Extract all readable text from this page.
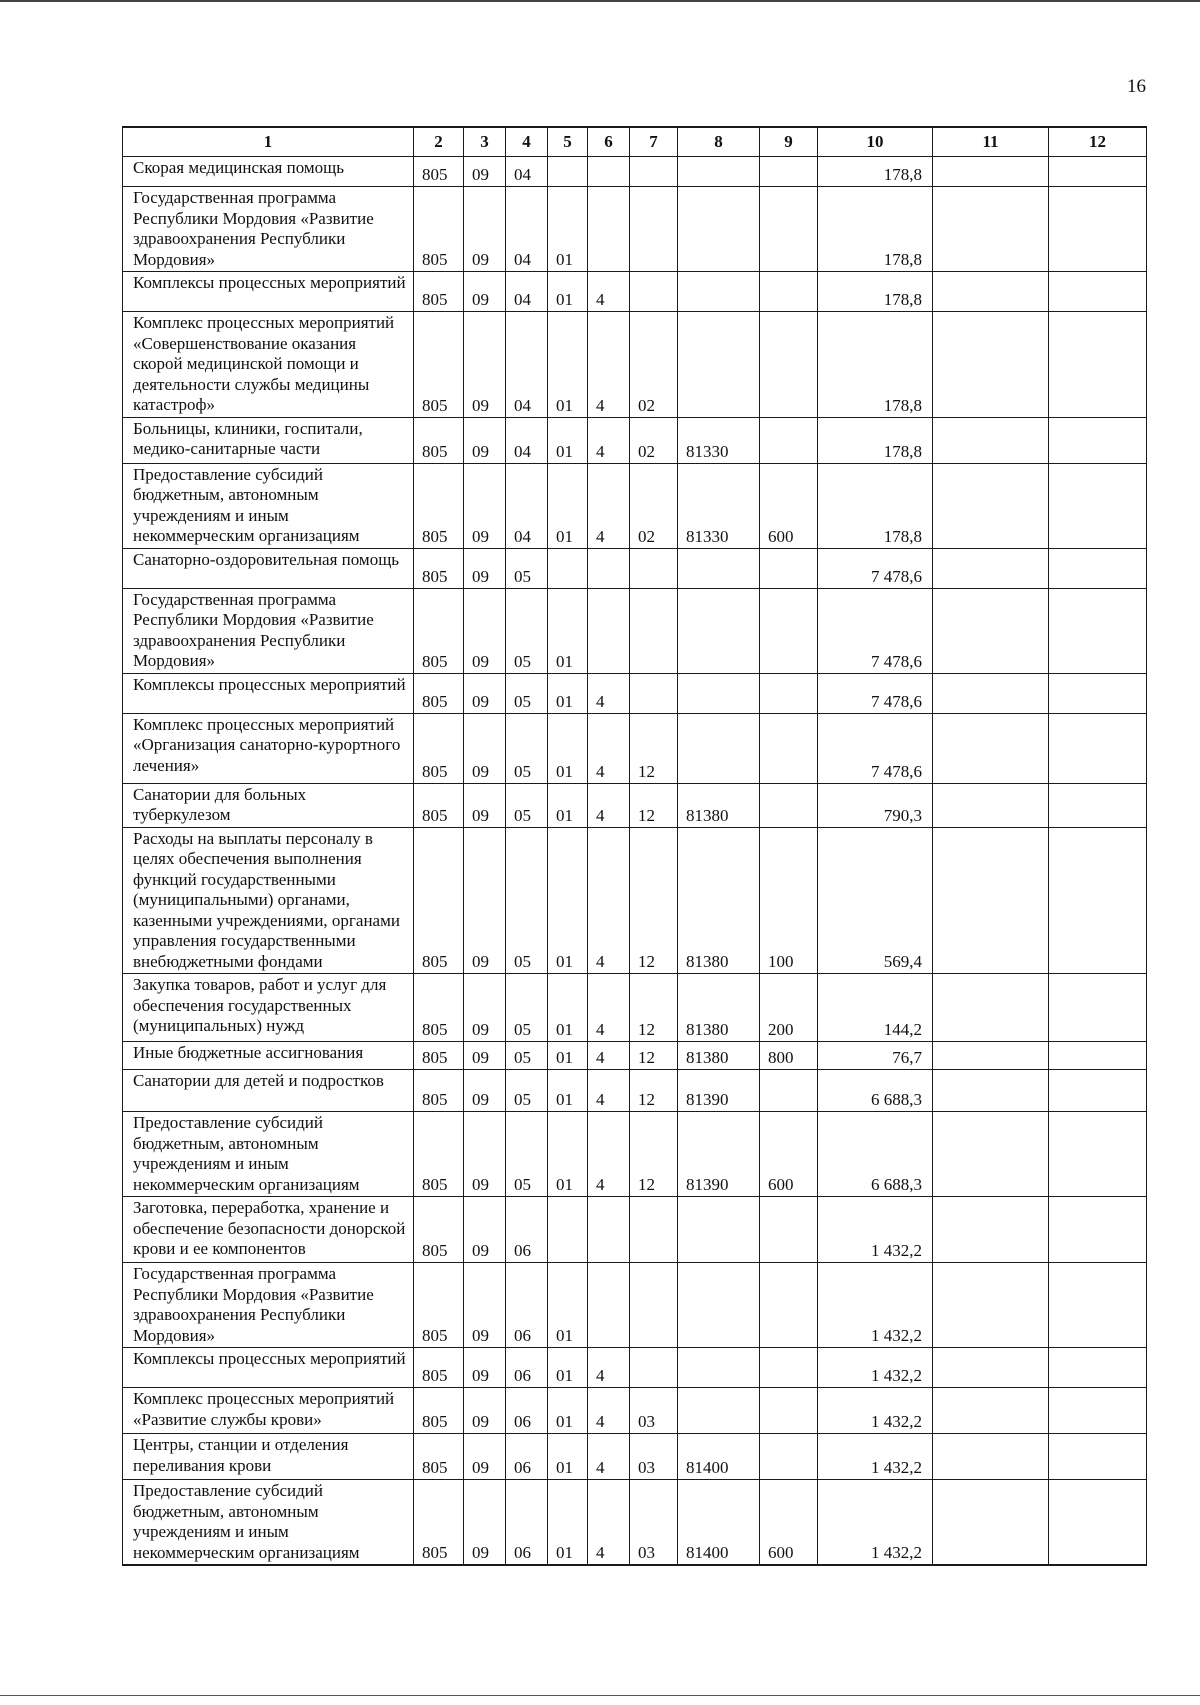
16
1	2	3	4	5	6	7	8	9	10	11	12
Скорая медицинская помощь	805	09	04						178,8		
Государственная программа Республики Мордовия «Развитие здравоохранения Республики Мордовия»	805	09	04	01					178,8		
Комплексы процессных мероприятий	805	09	04	01	4				178,8		
Комплекс процессных мероприятий «Совершенствование оказания скорой медицинской помощи и деятельности службы медицины катастроф»	805	09	04	01	4	02			178,8		
Больницы, клиники, госпитали, медико-санитарные части	805	09	04	01	4	02	81330		178,8		
Предоставление субсидий бюджетным, автономным учреждениям и иным некоммерческим организациям	805	09	04	01	4	02	81330	600	178,8		
Санаторно-оздоровительная помощь	805	09	05						7 478,6		
Государственная программа Республики Мордовия «Развитие здравоохранения Республики Мордовия»	805	09	05	01					7 478,6		
Комплексы процессных мероприятий	805	09	05	01	4				7 478,6		
Комплекс процессных мероприятий «Организация санаторно-курортного лечения»	805	09	05	01	4	12			7 478,6		
Санатории для больных туберкулезом	805	09	05	01	4	12	81380		790,3		
Расходы на выплаты персоналу в целях обеспечения выполнения функций государственными (муниципальными) органами, казенными учреждениями, органами управления государственными внебюджетными фондами	805	09	05	01	4	12	81380	100	569,4		
Закупка товаров, работ и услуг для обеспечения государственных (муниципальных) нужд	805	09	05	01	4	12	81380	200	144,2		
Иные бюджетные ассигнования	805	09	05	01	4	12	81380	800	76,7		
Санатории для детей и подростков	805	09	05	01	4	12	81390		6 688,3		
Предоставление субсидий бюджетным, автономным учреждениям и иным некоммерческим организациям	805	09	05	01	4	12	81390	600	6 688,3		
Заготовка, переработка, хранение и обеспечение безопасности донорской крови и ее компонентов	805	09	06						1 432,2		
Государственная программа Республики Мордовия «Развитие здравоохранения Республики Мордовия»	805	09	06	01					1 432,2		
Комплексы процессных мероприятий	805	09	06	01	4				1 432,2		
Комплекс процессных мероприятий «Развитие службы крови»	805	09	06	01	4	03			1 432,2		
Центры, станции и отделения переливания крови	805	09	06	01	4	03	81400		1 432,2		
Предоставление субсидий бюджетным, автономным учреждениям и иным некоммерческим организациям	805	09	06	01	4	03	81400	600	1 432,2		
